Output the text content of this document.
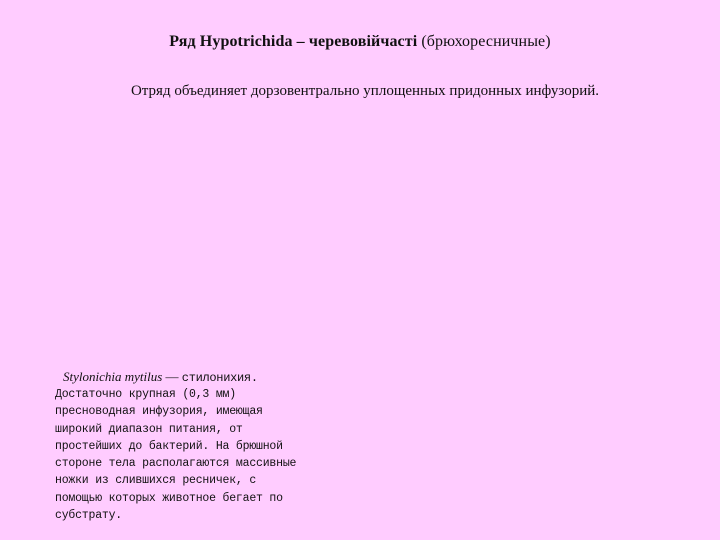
Ряд Hypotrichida – черевовійчасті (брюхоресничные)
Отряд объединяет дорзовентрально уплощенных придонных инфузорий.
Stylonichia mytilus — стилонихия.
Достаточно крупная (0,3 мм)
пресноводная инфузория, имеющая
широкий диапазон питания, от
простейших до бактерий. На брюшной
стороне тела располагаются массивные
ножки из слившихся ресничек, с
помощью которых животное бегает по
субстрату.
